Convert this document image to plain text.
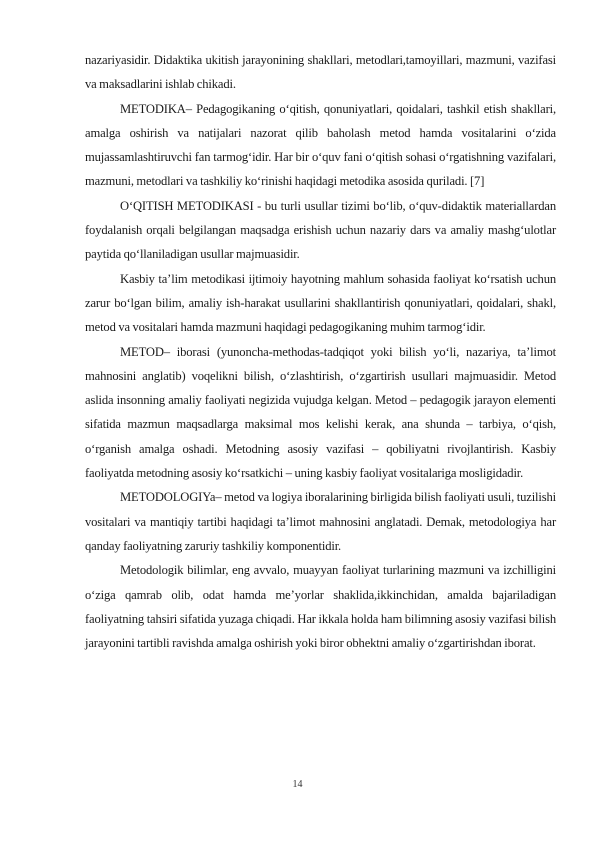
nazariyasidir. Didaktika ukitish jarayonining shakllari, metodlari,tamoyillari, mazmuni, vazifasi va maksadlarini ishlab chikadi.

METODIKA– Pedagogikaning o‘qitish, qonuniyatlari, qoidalari, tashkil etish shakllari, amalga oshirish va natijalari nazorat qilib baholash metod hamda vositalarini o‘zida mujassamlashtiruvchi fan tarmog‘idir. Har bir o‘quv fani o‘qitish sohasi o‘rgatishning vazifalari, mazmuni, metodlari va tashkiliy ko‘rinishi haqidagi metodika asosida quriladi. [7]

O‘QITISH METODIKASI - bu turli usullar tizimi bo‘lib, o‘quv-didaktik materiallardan foydalanish orqali belgilangan maqsadga erishish uchun nazariy dars va amaliy mashg‘ulotlar paytida qo‘llaniladigan usullar majmuasidir.

Kasbiy ta’lim metodikasi ijtimoiy hayotning mahlum sohasida faoliyat ko‘rsatish uchun zarur bo‘lgan bilim, amaliy ish-harakat usullarini shakllantirish qonuniyatlari, qoidalari, shakl, metod va vositalari hamda mazmuni haqidagi pedagogikaning muhim tarmog‘idir.

METOD– iborasi (yunoncha-methodas-tadqiqot yoki bilish yo‘li, nazariya, ta’limot mahnosini anglatib) voqelikni bilish, o‘zlashtirish, o‘zgartirish usullari majmuasidir. Metod aslida insonning amaliy faoliyati negizida vujudga kelgan. Metod – pedagogik jarayon elementi sifatida mazmun maqsadlarga maksimal mos kelishi kerak, ana shunda – tarbiya, o‘qish, o‘rganish amalga oshadi. Metodning asosiy vazifasi – qobiliyatni rivojlantirish. Kasbiy faoliyatda metodning asosiy ko‘rsatkichi – uning kasbiy faoliyat vositalariga mosligidadir.

METODOLOGIYa– metod va logiya iboralarining birligida bilish faoliyati usuli, tuzilishi vositalari va mantiqiy tartibi haqidagi ta’limot mahnosini anglatadi. Demak, metodologiya har qanday faoliyatning zaruriy tashkiliy komponentidir.

Metodologik bilimlar, eng avvalo, muayyan faoliyat turlarining mazmuni va izchilligini o‘ziga qamrab olib, odat hamda me’yorlar shaklida,ikkinchidan, amalda bajariladigan faoliyatning tahsiri sifatida yuzaga chiqadi. Har ikkala holda ham bilimning asosiy vazifasi bilish jarayonini tartibli ravishda amalga oshirish yoki biror obhektni amaliy o‘zgartirishdan iborat.

14
